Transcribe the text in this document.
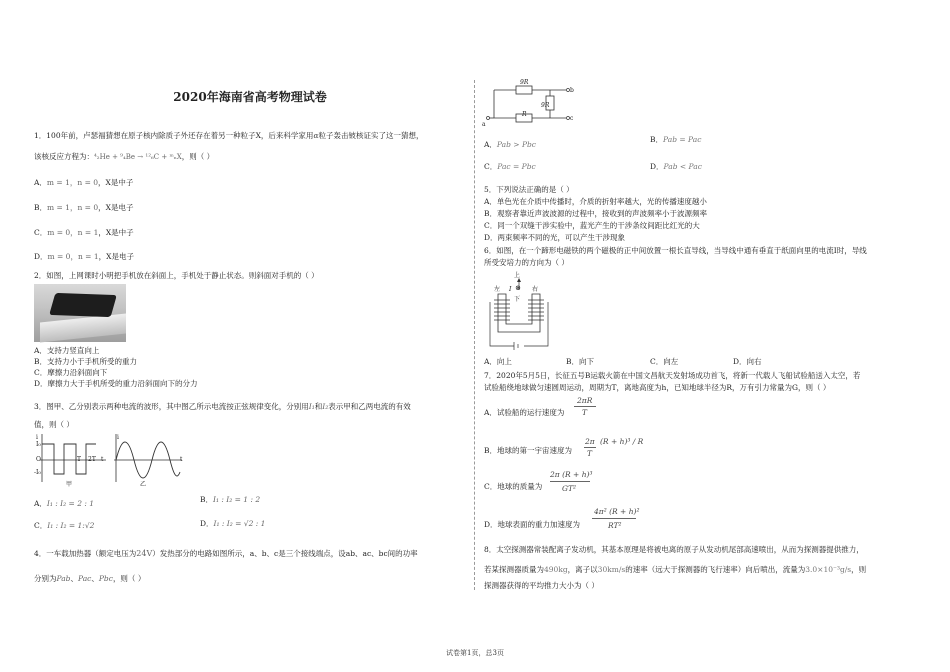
2020年海南省高考物理试卷
1．100年前，卢瑟福猜想在原子核内除质子外还存在着另一种粒子X，后来科学家用α粒子轰击铍核证实了这一猜想，
该核反应方程为：⁴₂He + ⁹₄Be → ¹²₆C + ᵐₙX，则（ ）
A．m = 1，n = 0，X是中子
B．m = 1，n = 0，X是电子
C．m = 0，n = 1，X是中子
D．m = 0，n = 1，X是电子
2．如图，上网课时小明把手机放在斜面上，手机处于静止状态。则斜面对手机的（ ）
A．支持力竖直向上
B．支持力小于手机所受的重力
C．摩擦力沿斜面向下
D．摩擦力大于手机所受的重力沿斜面向下的分力
3．图甲、乙分别表示两种电流的波形，其中图乙所示电流按正弦规律变化，分别用I₁和I₂表示甲和乙两电流的有效
值，则（ ）
i
I₀
-I₀
O	T 2T t
i
t
甲	乙
A．I₁ : I₂ = 2 : 1	B．I₁ : I₂ = 1 : 2
C．I₁ : I₂ = 1:√2	D．I₁ : I₂ = √2 : 1
4．一车载加热器（额定电压为24V）发热部分的电路如图所示，a、b、c是三个接线端点，设ab、ac、bc间的功率
分别为Pab、Pac、Pbc，则（ ）
9R
9R
R
a
b
c
A．Pab > Pbc
B．Pab = Pac
C．Pac = Pbc	D．Pab < Pac
5．下列说法正确的是（ ）
A．单色光在介质中传播时，介质的折射率越大，光的传播速度越小
B．观察者靠近声波波源的过程中，接收到的声波频率小于波源频率
C．同一个双缝干涉实验中，蓝光产生的干涉条纹间距比红光的大
D．两束频率不同的光，可以产生干涉现象
6．如图，在一个蹄形电磁铁的两个磁极的正中间放置一根长直导线，当导线中通有垂直于纸面向里的电流I时，导线
所受安培力的方向为（ ）
上
下
左	右
I ⊗
A．向上	B．向下	C．向左	D．向右
7．2020年5月5日，长征五号B运载火箭在中国文昌航天发射场成功首飞，将新一代载人飞船试验船送入太空，若
试验船绕地球做匀速圆周运动，周期为T，离地高度为h，已知地球半径为R，万有引力常量为G，则（ ）
A．试验船的运行速度为
2πR
T
B．地球的第一宇宙速度为
2π
T
(R + h)³ / R
C．地球的质量为
2π (R + h)³
GT²
D．地球表面的重力加速度为
4π² (R + h)²
RT²
8．太空探测器常装配离子发动机，其基本原理是将被电离的原子从发动机尾部高速喷出，从而为探测器提供推力，
若某探测器质量为490kg，离子以30km/s的速率（远大于探测器的飞行速率）向后喷出，流量为3.0×10⁻³g/s，则
探测器获得的平均推力大小为（ ）
试卷第1页，总3页
